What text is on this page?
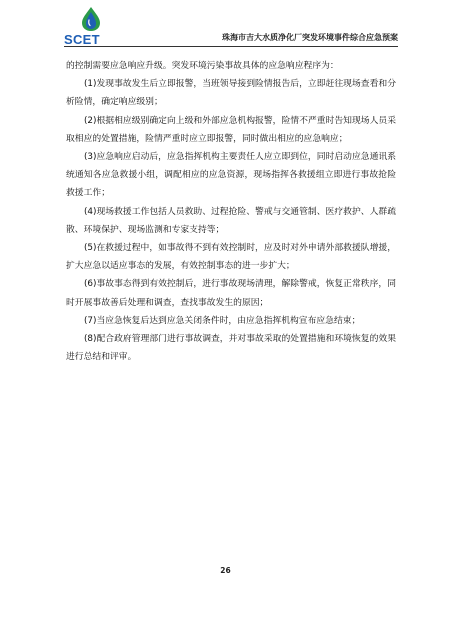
SCET	珠海市吉大水质净化厂突发环境事件综合应急预案

的控制需要应急响应升级。突发环境污染事故具体的应急响应程序为：

(1)发现事故发生后立即报警，当班领导接到险情报告后，立即赶往现场查看和分析险情，确定响应级别；

(2)根据相应级别确定向上级和外部应急机构报警，险情不严重时告知现场人员采取相应的处置措施，险情严重时应立即报警，同时做出相应的应急响应；

(3)应急响应启动后，应急指挥机构主要责任人应立即到位，同时启动应急通讯系统通知各应急救援小组，调配相应的应急资源，现场指挥各救援组立即进行事故抢险救援工作；

(4)现场救援工作包括人员救助、过程抢险、警戒与交通管制、医疗救护、人群疏散、环境保护、现场监测和专家支持等；

(5)在救援过程中，如事故得不到有效控制时，应及时对外申请外部救援队增援，扩大应急以适应事态的发展，有效控制事态的进一步扩大；

(6)事故事态得到有效控制后，进行事故现场清理，解除警戒，恢复正常秩序，同时开展事故善后处理和调查，查找事故发生的原因；

(7)当应急恢复后达到应急关闭条件时，由应急指挥机构宣布应急结束；

(8)配合政府管理部门进行事故调查，并对事故采取的处置措施和环境恢复的效果进行总结和评审。

26
